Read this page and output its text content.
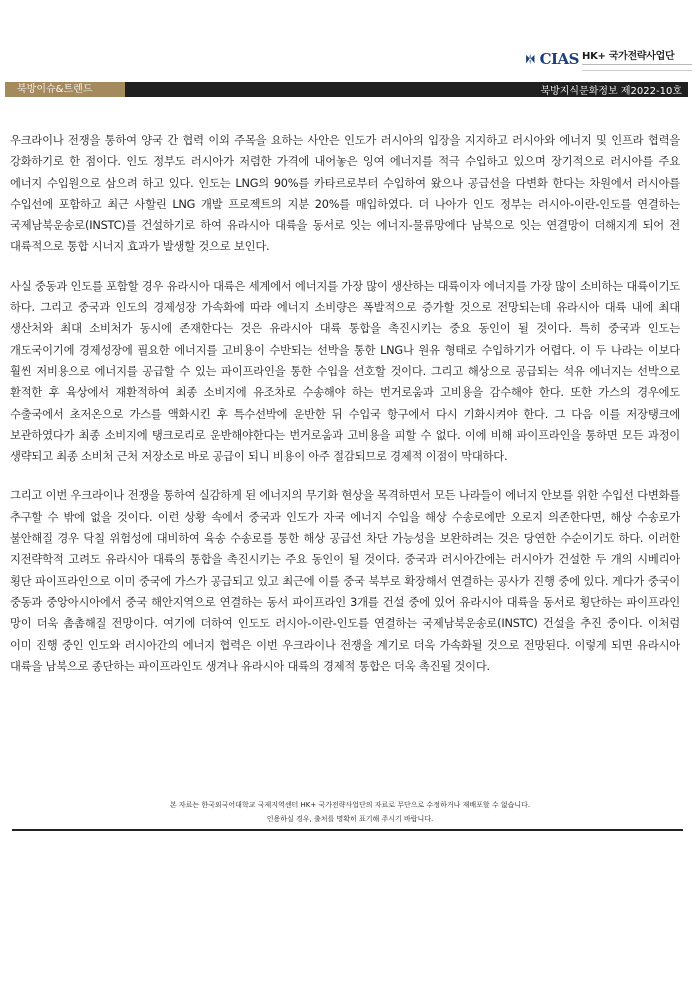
CIAS HK+ 국가전략사업단
북방이슈&트렌드	북방지식문화정보 제2022-10호

우크라이나 전쟁을 통하여 양국 간 협력 이외 주목을 요하는 사안은 인도가 러시아의 입장을 지지하고 러시아와 에너지 및 인프라 협력을 강화하기로 한 점이다. 인도 정부도 러시아가 저렴한 가격에 내어놓은 잉여 에너지를 적극 수입하고 있으며 장기적으로 러시아를 주요 에너지 수입원으로 삼으려 하고 있다. 인도는 LNG의 90%를 카타르로부터 수입하여 왔으나 공급선을 다변화 한다는 차원에서 러시아를 수입선에 포함하고 최근 사할린 LNG 개발 프로젝트의 지분 20%를 매입하였다. 더 나아가 인도 정부는 러시아-이란-인도를 연결하는 국제남북운송로(INSTC)를 건설하기로 하여 유라시아 대륙을 동서로 잇는 에너지-물류망에다 남북으로 잇는 연결망이 더해지게 되어 전 대륙적으로 통합 시너지 효과가 발생할 것으로 보인다.

사실 중동과 인도를 포함할 경우 유라시아 대륙은 세계에서 에너지를 가장 많이 생산하는 대륙이자 에너지를 가장 많이 소비하는 대륙이기도 하다. 그리고 중국과 인도의 경제성장 가속화에 따라 에너지 소비량은 폭발적으로 증가할 것으로 전망되는데 유라시아 대륙 내에 최대 생산처와 최대 소비처가 동시에 존재한다는 것은 유라시아 대륙 통합을 촉진시키는 중요 동인이 될 것이다. 특히 중국과 인도는 개도국이기에 경제성장에 필요한 에너지를 고비용이 수반되는 선박을 통한 LNG나 원유 형태로 수입하기가 어렵다. 이 두 나라는 이보다 훨씬 저비용으로 에너지를 공급할 수 있는 파이프라인을 통한 수입을 선호할 것이다. 그리고 해상으로 공급되는 석유 에너지는 선박으로 환적한 후 육상에서 재환적하여 최종 소비지에 유조차로 수송해야 하는 번거로움과 고비용을 감수해야 한다. 또한 가스의 경우에도 수출국에서 초저온으로 가스를 액화시킨 후 특수선박에 운반한 뒤 수입국 항구에서 다시 기화시켜야 한다. 그 다음 이를 저장탱크에 보관하였다가 최종 소비지에 탱크로리로 운반해야한다는 번거로움과 고비용을 피할 수 없다. 이에 비해 파이프라인을 통하면 모든 과정이 생략되고 최종 소비처 근처 저장소로 바로 공급이 되니 비용이 아주 절감되므로 경제적 이점이 막대하다.

그리고 이번 우크라이나 전쟁을 통하여 실감하게 된 에너지의 무기화 현상을 목격하면서 모든 나라들이 에너지 안보를 위한 수입선 다변화를 추구할 수 밖에 없을 것이다. 이런 상황 속에서 중국과 인도가 자국 에너지 수입을 해상 수송로에만 오로지 의존한다면, 해상 수송로가 불안해질 경우 닥칠 위험성에 대비하여 육송 수송로를 통한 해상 공급선 차단 가능성을 보완하려는 것은 당연한 수순이기도 하다. 이러한 지전략학적 고려도 유라시아 대륙의 통합을 촉진시키는 주요 동인이 될 것이다. 중국과 러시아간에는 러시아가 건설한 두 개의 시베리아 횡단 파이프라인으로 이미 중국에 가스가 공급되고 있고 최근에 이를 중국 북부로 확장해서 연결하는 공사가 진행 중에 있다. 게다가 중국이 중동과 중앙아시아에서 중국 해안지역으로 연결하는 동서 파이프라인 3개를 건설 중에 있어 유라시아 대륙을 동서로 횡단하는 파이프라인 망이 더욱 촘촘해질 전망이다. 여기에 더하여 인도도 러시아-이란-인도를 연결하는 국제남북운송로(INSTC) 건설을 추진 중이다. 이처럼 이미 진행 중인 인도와 러시아간의 에너지 협력은 이번 우크라이나 전쟁을 계기로 더욱 가속화될 것으로 전망된다. 이렇게 되면 유라시아 대륙을 남북으로 종단하는 파이프라인도 생겨나 유라시아 대륙의 경제적 통합은 더욱 촉진될 것이다.

본 자료는 한국외국어대학교 국제지역센터 HK+ 국가전략사업단의 자료로 무단으로 수정하거나 재배포할 수 없습니다.
인용하실 경우, 출처를 명확히 표기해 주시기 바랍니다.
